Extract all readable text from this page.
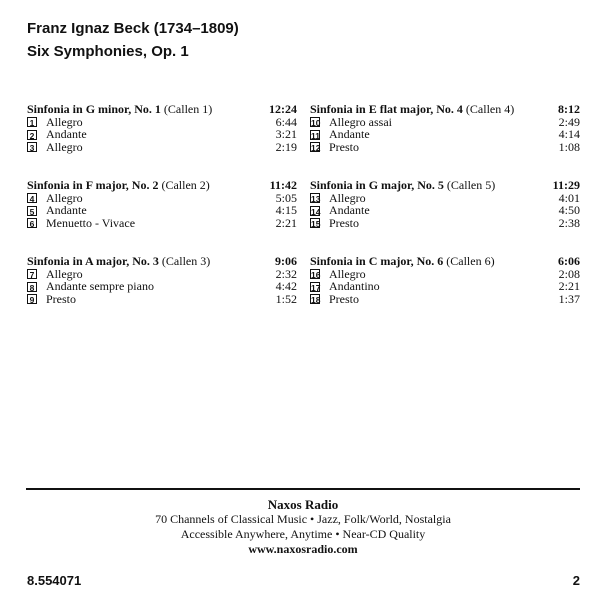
Franz Ignaz Beck (1734–1809)
Six Symphonies, Op. 1
Sinfonia in G minor, No. 1 (Callen 1)	12:24
1 Allegro	6:44
2 Andante	3:21
3 Allegro	2:19
Sinfonia in F major, No. 2 (Callen 2)	11:42
4 Allegro	5:05
5 Andante	4:15
6 Menuetto - Vivace	2:21
Sinfonia in A major, No. 3 (Callen 3)	9:06
7 Allegro	2:32
8 Andante sempre piano	4:42
9 Presto	1:52
Sinfonia in E flat major, No. 4 (Callen 4)	8:12
10 Allegro assai	2:49
11 Andante	4:14
12 Presto	1:08
Sinfonia in G major, No. 5 (Callen 5)	11:29
13 Allegro	4:01
14 Andante	4:50
15 Presto	2:38
Sinfonia in C major, No. 6 (Callen 6)	6:06
16 Allegro	2:08
17 Andantino	2:21
18 Presto	1:37
Naxos Radio
70 Channels of Classical Music • Jazz, Folk/World, Nostalgia
Accessible Anywhere, Anytime • Near-CD Quality
www.naxosradio.com
8.554071	2
